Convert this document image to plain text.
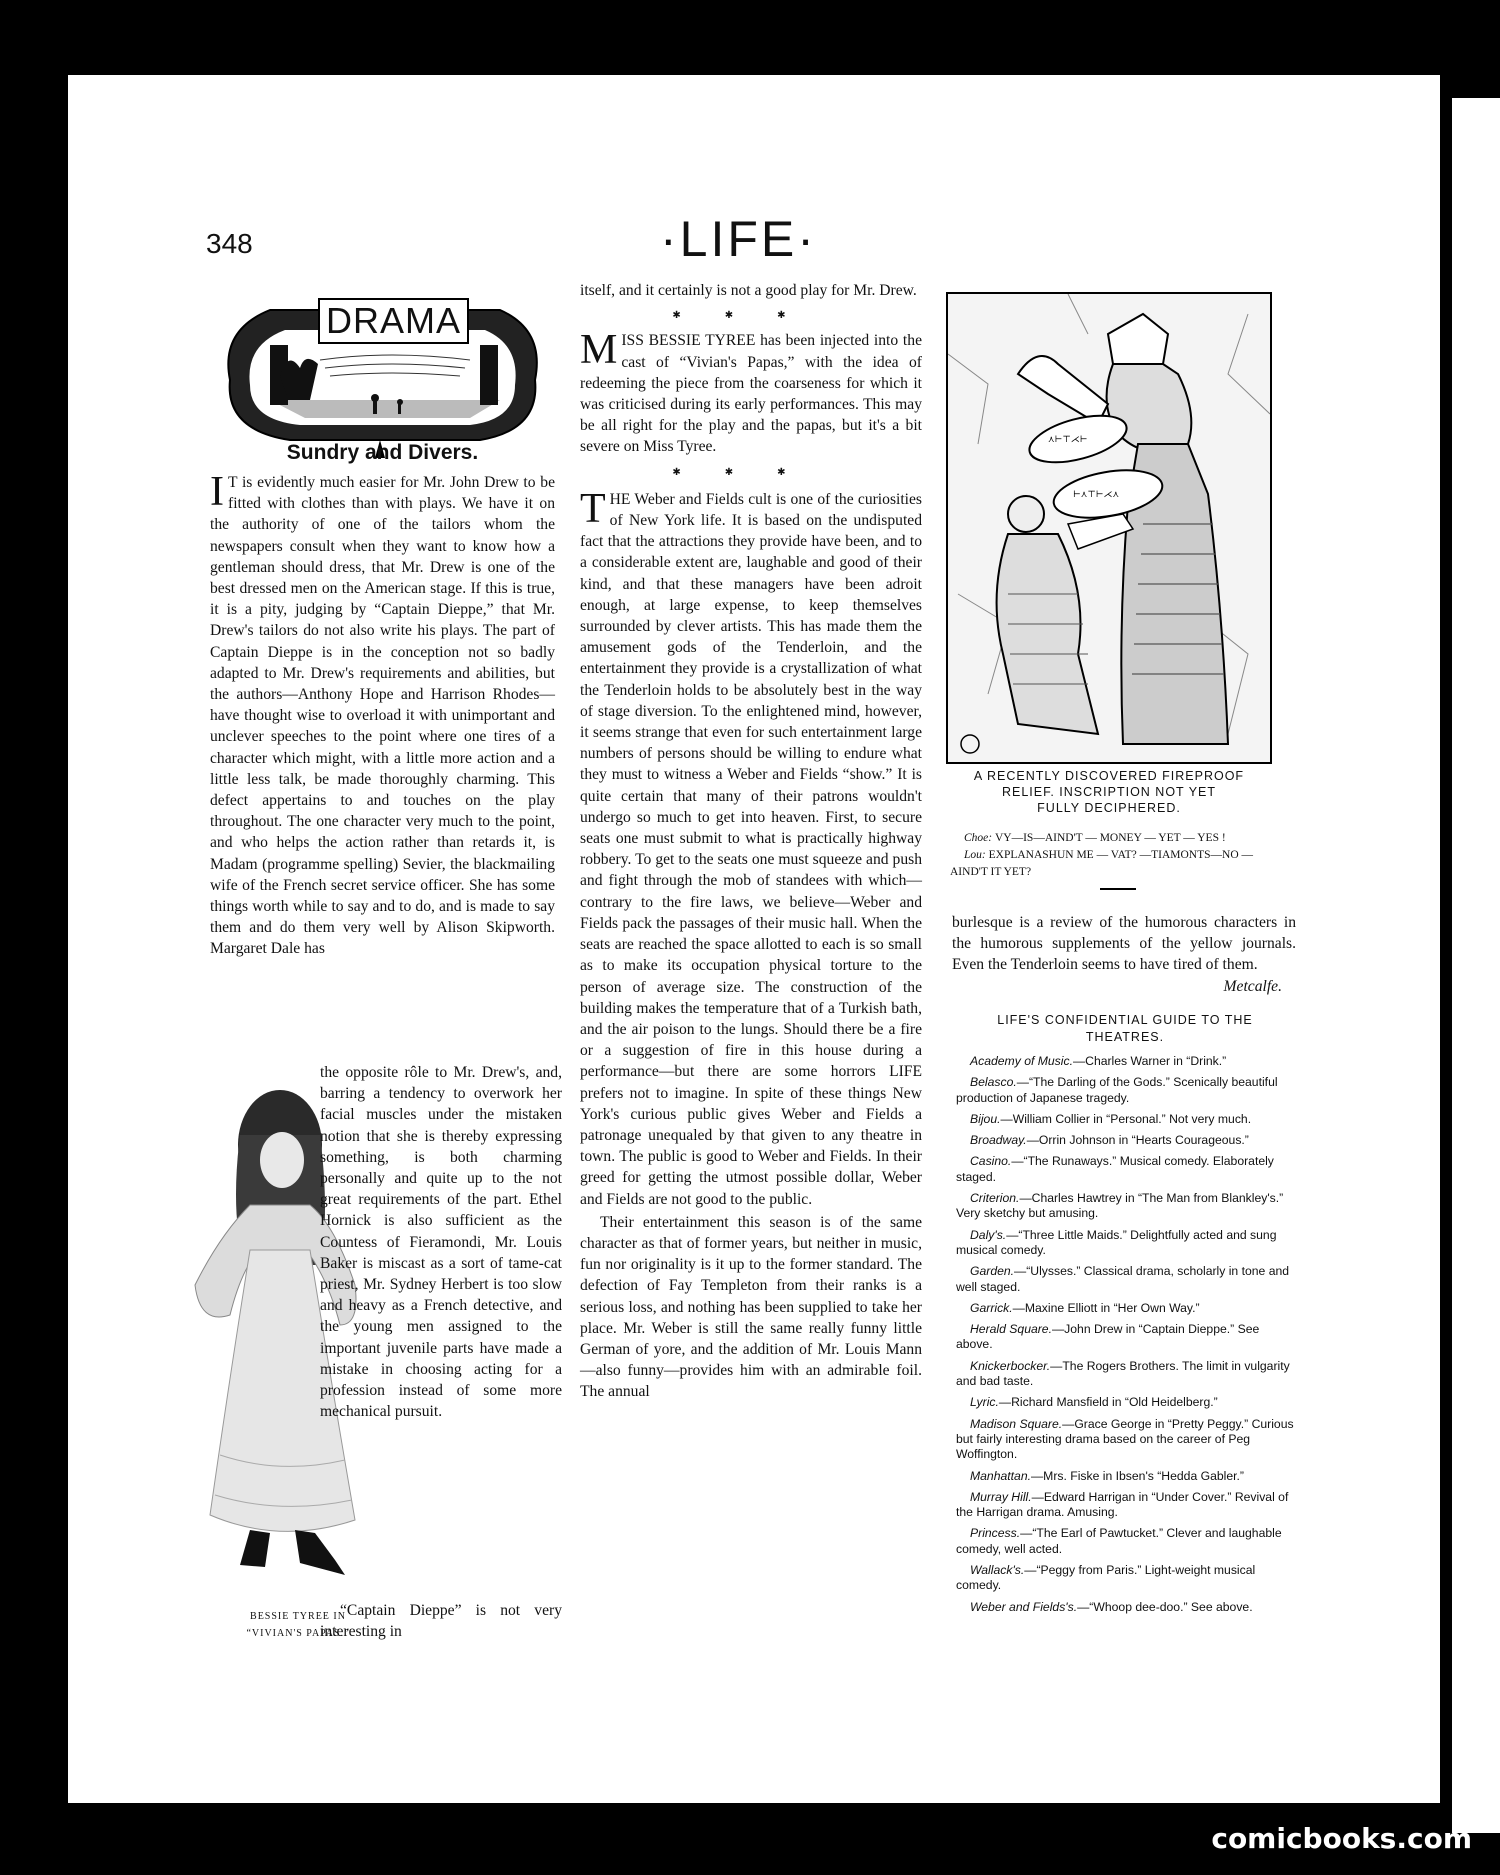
348	·LIFE·
DRAMA
Sundry and Divers.
I T is evidently much easier for Mr. John Drew to be fitted with clothes than with plays. We have it on the authority of one of the tailors whom the newspapers consult when they want to know how a gentleman should dress, that Mr. Drew is one of the best dressed men on the American stage. If this is true, it is a pity, judging by “Captain Dieppe,” that Mr. Drew's tailors do not also write his plays. The part of Captain Dieppe is in the conception not so badly adapted to Mr. Drew's requirements and abilities, but the authors—Anthony Hope and Harrison Rhodes—have thought wise to overload it with unimportant and unclever speeches to the point where one tires of a character which might, with a little more action and a little less talk, be made thoroughly charming. This defect appertains to and touches on the play throughout. The one character very much to the point, and who helps the action rather than retards it, is Madam (programme spelling) Sevier, the blackmailing wife of the French secret service officer. She has some things worth while to say and to do, and is made to say them and do them very well by Alison Skipworth. Margaret Dale has
the opposite rôle to Mr. Drew's, and, barring a tendency to overwork her facial muscles under the mistaken notion that she is thereby expressing something, is both charming personally and quite up to the not great requirements of the part. Ethel Hornick is also sufficient as the Countess of Fieramondi, Mr. Louis Baker is miscast as a sort of tame-cat priest, Mr. Sydney Herbert is too slow and heavy as a French detective, and the young men assigned to the important juvenile parts have made a mistake in choosing acting for a profession instead of some more mechanical pursuit.
“Captain Dieppe” is not very interesting in
BESSIE TYREE IN
“VIVIAN'S PAPAS.”
itself, and it certainly is not a good play for Mr. Drew.
✱✱✱
MISS BESSIE TYREE has been injected into the cast of “Vivian's Papas,” with the idea of redeeming the piece from the coarseness for which it was criticised during its early performances. This may be all right for the play and the papas, but it's a bit severe on Miss Tyree.
✱✱✱
THE Weber and Fields cult is one of the curiosities of New York life. It is based on the undisputed fact that the attractions they provide have been, and to a considerable extent are, laughable and good of their kind, and that these managers have been adroit enough, at large expense, to keep themselves surrounded by clever artists. This has made them the amusement gods of the Tenderloin, and the entertainment they provide is a crystallization of what the Tenderloin holds to be absolutely best in the way of stage diversion. To the enlightened mind, however, it seems strange that even for such entertainment large numbers of persons should be willing to endure what they must to witness a Weber and Fields “show.” It is quite certain that many of their patrons wouldn't undergo so much to get into heaven. First, to secure seats one must submit to what is practically highway robbery. To get to the seats one must squeeze and push and fight through the mob of standees with which—contrary to the fire laws, we believe—Weber and Fields pack the passages of their music hall. When the seats are reached the space allotted to each is so small as to make its occupation physical torture to the person of average size. The construction of the building makes the temperature that of a Turkish bath, and the air poison to the lungs. Should there be a fire or a suggestion of fire in this house during a performance—but there are some horrors LIFE prefers not to imagine. In spite of these things New York's curious public gives Weber and Fields a patronage unequaled by that given to any theatre in town. The public is good to Weber and Fields. In their greed for getting the utmost possible dollar, Weber and Fields are not good to the public.
Their entertainment this season is of the same character as that of former years, but neither in music, fun nor originality is it up to the former standard. The defection of Fay Templeton from their ranks is a serious loss, and nothing has been supplied to take her place. Mr. Weber is still the same really funny little German of yore, and the addition of Mr. Louis Mann—also funny—provides him with an admirable foil. The annual
⋏⊢⊤⋌⊢
⊢⋏⊤⊢⋌⋏
A RECENTLY DISCOVERED FIREPROOF
RELIEF. INSCRIPTION NOT YET
FULLY DECIPHERED.
Choe: VY—IS—AIND'T — MONEY — YET — YES !
Lou: EXPLANASHUN ME — VAT? —TIAMONTS—NO — AIND'T IT YET?
burlesque is a review of the humorous characters in the humorous supplements of the yellow journals. Even the Tenderloin seems to have tired of them.
Metcalfe.
LIFE'S CONFIDENTIAL GUIDE TO THE
THEATRES.
Academy of Music.—Charles Warner in “Drink.”
Belasco.—“The Darling of the Gods.” Scenically beautiful production of Japanese tragedy.
Bijou.—William Collier in “Personal.” Not very much.
Broadway.—Orrin Johnson in “Hearts Courageous.”
Casino.—“The Runaways.” Musical comedy. Elaborately staged.
Criterion.—Charles Hawtrey in “The Man from Blankley's.” Very sketchy but amusing.
Daly's.—“Three Little Maids.” Delightfully acted and sung musical comedy.
Garden.—“Ulysses.” Classical drama, scholarly in tone and well staged.
Garrick.—Maxine Elliott in “Her Own Way.”
Herald Square.—John Drew in “Captain Dieppe.” See above.
Knickerbocker.—The Rogers Brothers. The limit in vulgarity and bad taste.
Lyric.—Richard Mansfield in “Old Heidelberg.”
Madison Square.—Grace George in “Pretty Peggy.” Curious but fairly interesting drama based on the career of Peg Woffington.
Manhattan.—Mrs. Fiske in Ibsen's “Hedda Gabler.”
Murray Hill.—Edward Harrigan in “Under Cover.” Revival of the Harrigan drama. Amusing.
Princess.—“The Earl of Pawtucket.” Clever and laughable comedy, well acted.
Wallack's.—“Peggy from Paris.” Light-weight musical comedy.
Weber and Fields's.—“Whoop dee-doo.” See above.
comicbooks.com
